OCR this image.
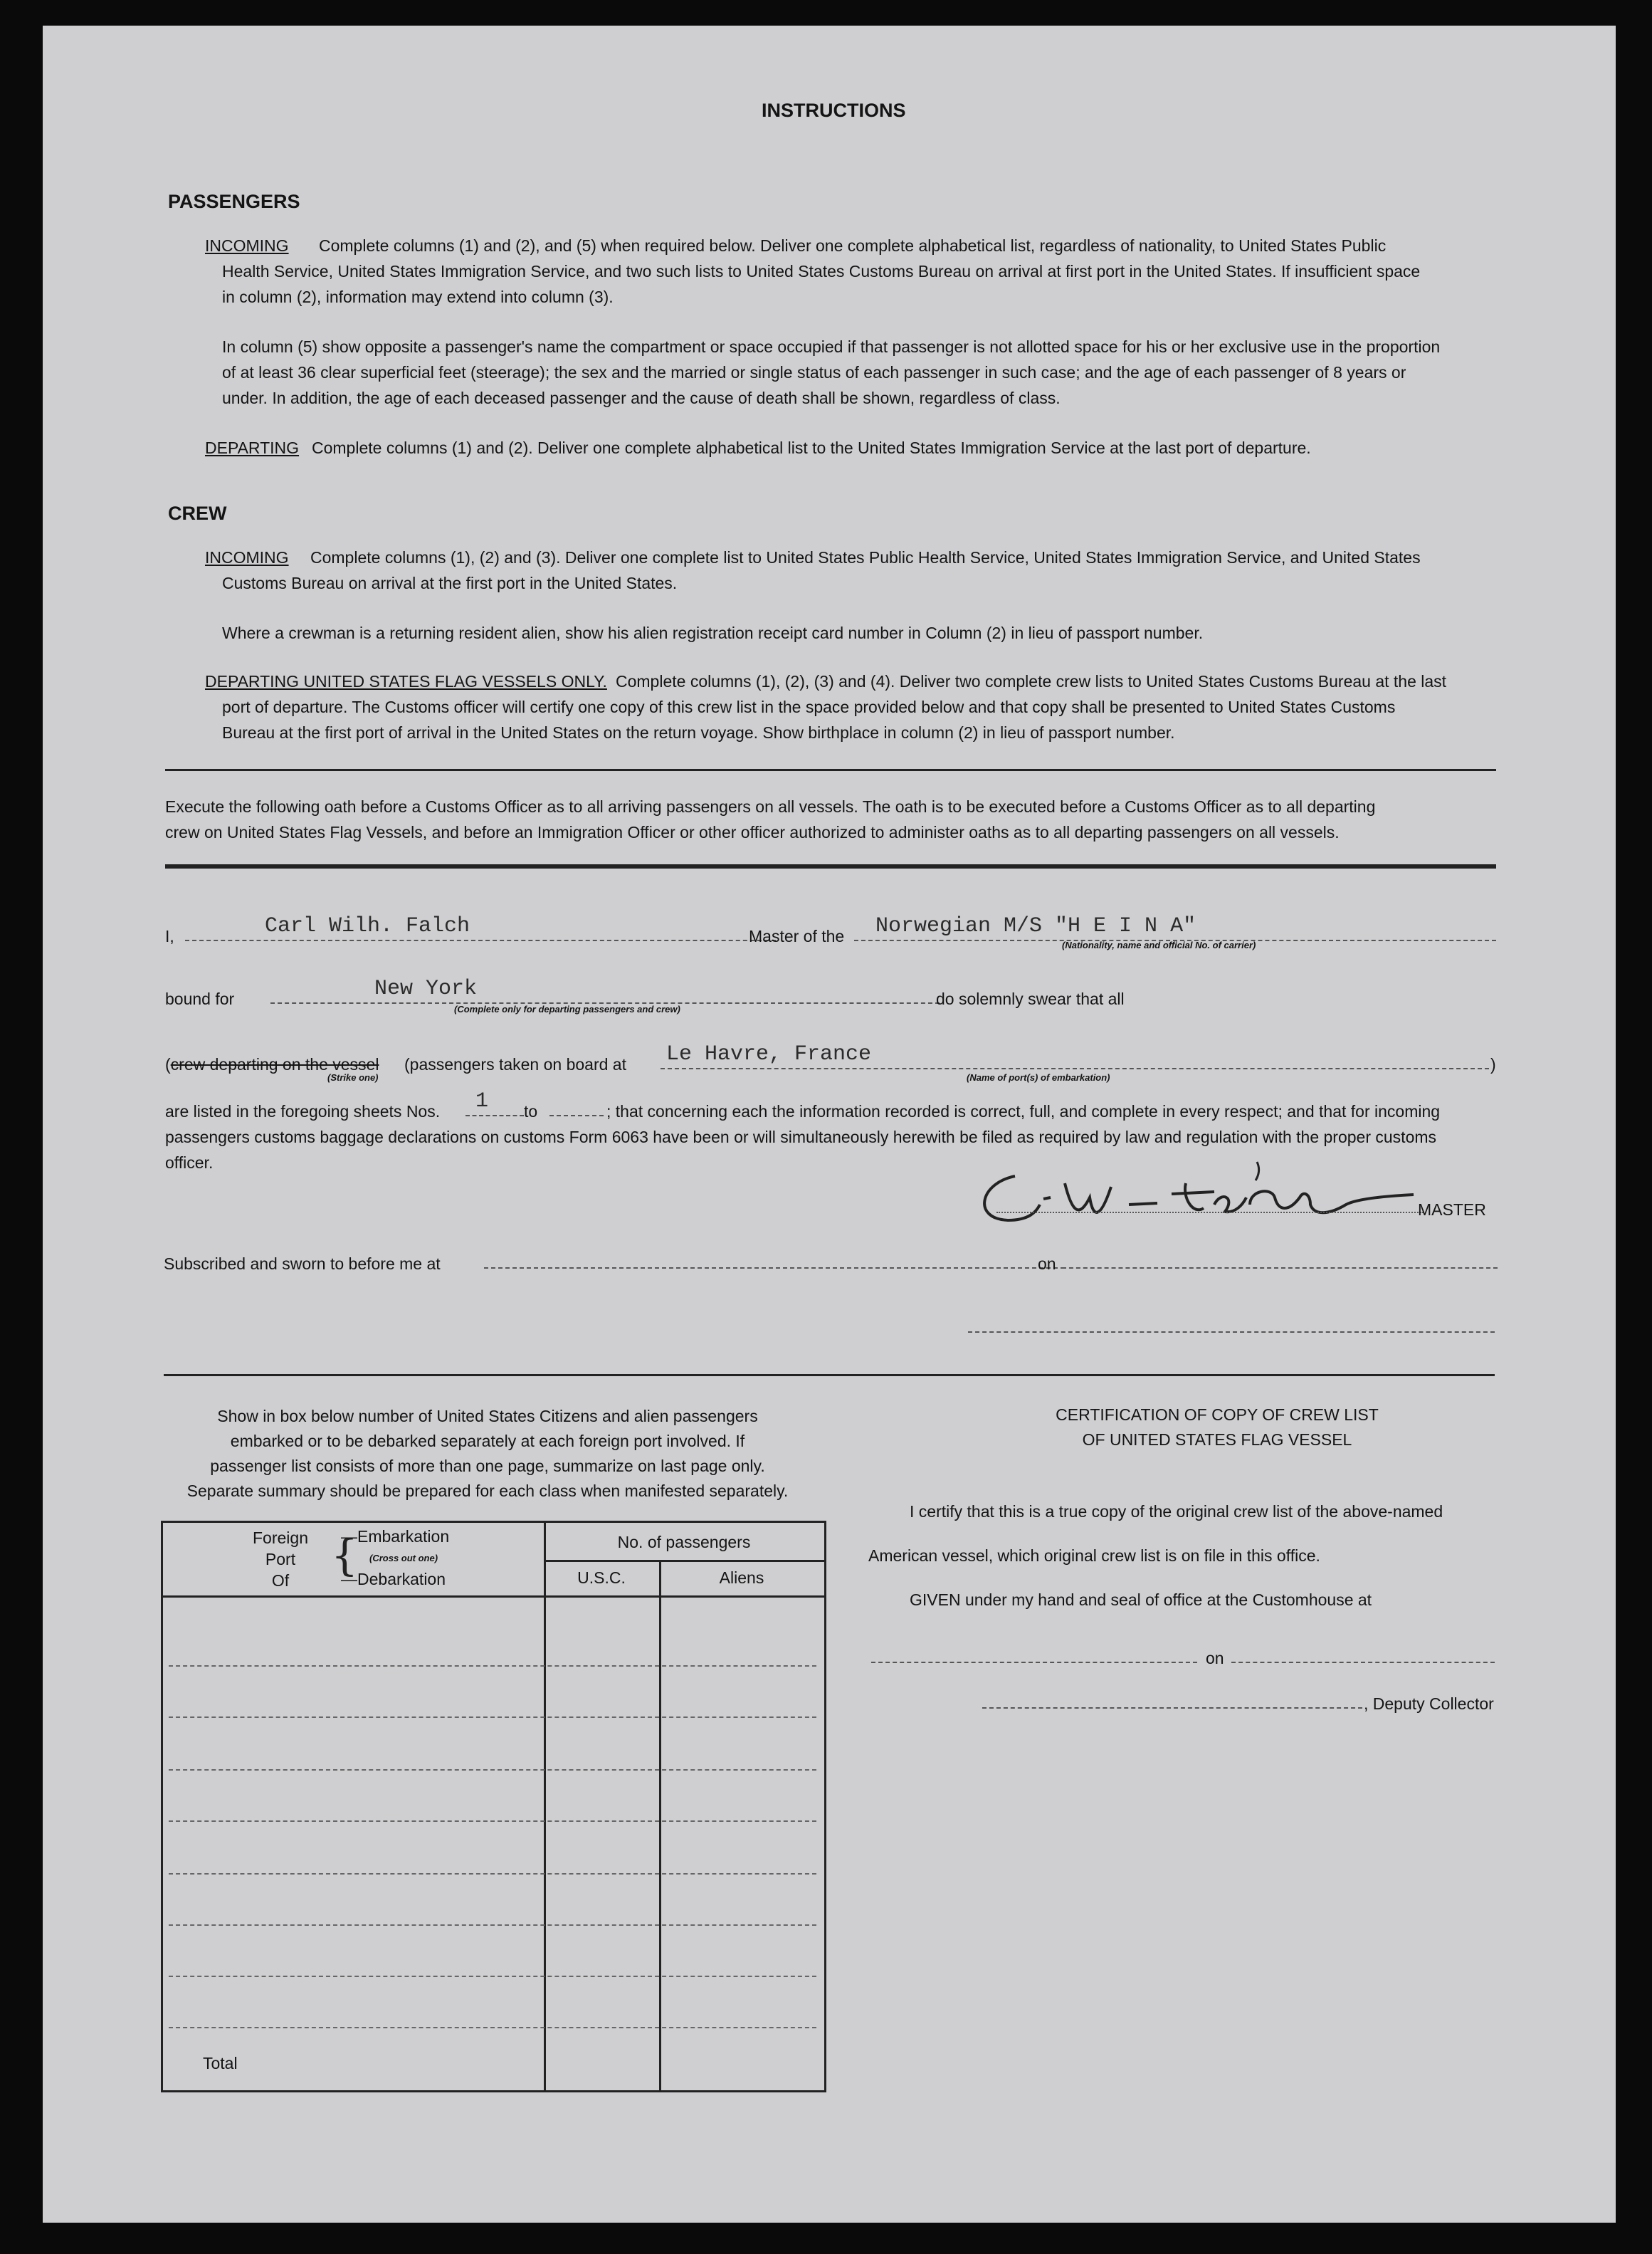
INSTRUCTIONS
PASSENGERS
INCOMING Complete columns (1) and (2), and (5) when required below. Deliver one complete alphabetical list, regardless of nationality, to United States Public
Health Service, United States Immigration Service, and two such lists to United States Customs Bureau on arrival at first port in the United States. If insufficient space
in column (2), information may extend into column (3).
In column (5) show opposite a passenger's name the compartment or space occupied if that passenger is not allotted space for his or her exclusive use in the proportion
of at least 36 clear superficial feet (steerage); the sex and the married or single status of each passenger in such case; and the age of each passenger of 8 years or
under. In addition, the age of each deceased passenger and the cause of death shall be shown, regardless of class.
DEPARTING Complete columns (1) and (2). Deliver one complete alphabetical list to the United States Immigration Service at the last port of departure.
CREW
INCOMING Complete columns (1), (2) and (3). Deliver one complete list to United States Public Health Service, United States Immigration Service, and United States
Customs Bureau on arrival at the first port in the United States.
Where a crewman is a returning resident alien, show his alien registration receipt card number in Column (2) in lieu of passport number.
DEPARTING UNITED STATES FLAG VESSELS ONLY. Complete columns (1), (2), (3) and (4). Deliver two complete crew lists to United States Customs Bureau at the last
port of departure. The Customs officer will certify one copy of this crew list in the space provided below and that copy shall be presented to United States Customs
Bureau at the first port of arrival in the United States on the return voyage. Show birthplace in column (2) in lieu of passport number.
Execute the following oath before a Customs Officer as to all arriving passengers on all vessels. The oath is to be executed before a Customs Officer as to all departing
crew on United States Flag Vessels, and before an Immigration Officer or other officer authorized to administer oaths as to all departing passengers on all vessels.
I,	Carl Wilh. Falch	Master of the Norwegian M/S "H E I N A"
(Nationality, name and official No. of carrier)
bound for	New York
(Complete only for departing passengers and crew)
do solemnly swear that all
(crew departing on the vessel (passengers taken on board at
(Strike one)
Le Havre, France
(Name of port(s) of embarkation)
)
are listed in the foregoing sheets Nos. 1 to	; that concerning each the information recorded is correct, full, and complete in every respect; and that for incoming
passengers customs baggage declarations on customs Form 6063 have been or will simultaneously herewith be filed as required by law and regulation with the proper customs
officer.
MASTER
Subscribed and sworn to before me at	on
Show in box below number of United States Citizens and alien passengers
embarked or to be debarked separately at each foreign port involved. If
passenger list consists of more than one page, summarize on last page only.
Separate summary should be prepared for each class when manifested separately.
Foreign
Port
Of {
—Embarkation
(Cross out one)
—Debarkation
No. of passengers
U.S.C.	Aliens
Total
CERTIFICATION OF COPY OF CREW LIST
OF UNITED STATES FLAG VESSEL
I certify that this is a true copy of the original crew list of the above-named
American vessel, which original crew list is on file in this office.
GIVEN under my hand and seal of office at the Customhouse at
on
, Deputy Collector
